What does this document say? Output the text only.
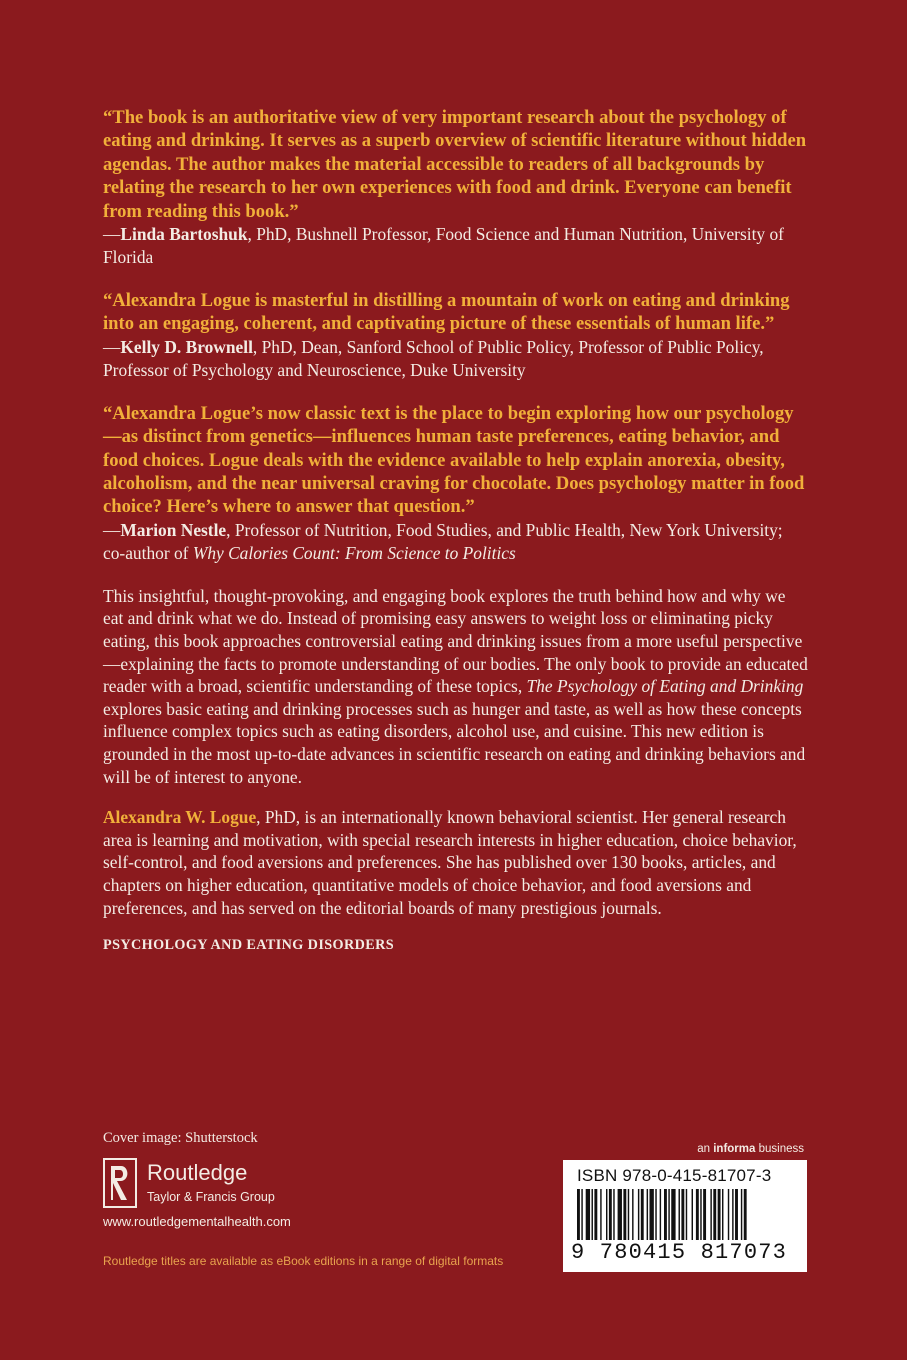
“The book is an authoritative view of very important research about the psychology of eating and drinking. It serves as a superb overview of scientific literature without hidden agendas. The author makes the material accessible to readers of all backgrounds by relating the research to her own experiences with food and drink. Everyone can benefit from reading this book.”
—Linda Bartoshuk, PhD, Bushnell Professor, Food Science and Human Nutrition, University of Florida
“Alexandra Logue is masterful in distilling a mountain of work on eating and drinking into an engaging, coherent, and captivating picture of these essentials of human life.”
—Kelly D. Brownell, PhD, Dean, Sanford School of Public Policy, Professor of Public Policy, Professor of Psychology and Neuroscience, Duke University
“Alexandra Logue’s now classic text is the place to begin exploring how our psychology—as distinct from genetics—influences human taste preferences, eating behavior, and food choices. Logue deals with the evidence available to help explain anorexia, obesity, alcoholism, and the near universal craving for chocolate. Does psychology matter in food choice? Here’s where to answer that question.”
—Marion Nestle, Professor of Nutrition, Food Studies, and Public Health, New York University; co-author of Why Calories Count: From Science to Politics
This insightful, thought-provoking, and engaging book explores the truth behind how and why we eat and drink what we do. Instead of promising easy answers to weight loss or eliminating picky eating, this book approaches controversial eating and drinking issues from a more useful perspective—explaining the facts to promote understanding of our bodies. The only book to provide an educated reader with a broad, scientific understanding of these topics, The Psychology of Eating and Drinking explores basic eating and drinking processes such as hunger and taste, as well as how these concepts influence complex topics such as eating disorders, alcohol use, and cuisine. This new edition is grounded in the most up-to-date advances in scientific research on eating and drinking behaviors and will be of interest to anyone.
Alexandra W. Logue, PhD, is an internationally known behavioral scientist. Her general research area is learning and motivation, with special research interests in higher education, choice behavior, self-control, and food aversions and preferences. She has published over 130 books, articles, and chapters on higher education, quantitative models of choice behavior, and food aversions and preferences, and has served on the editorial boards of many prestigious journals.
PSYCHOLOGY AND EATING DISORDERS
Cover image: Shutterstock
Routledge
Taylor & Francis Group
www.routledgementalhealth.com
Routledge titles are available as eBook editions in a range of digital formats
an informa business
ISBN 978-0-415-81707-3
9 780415 817073
